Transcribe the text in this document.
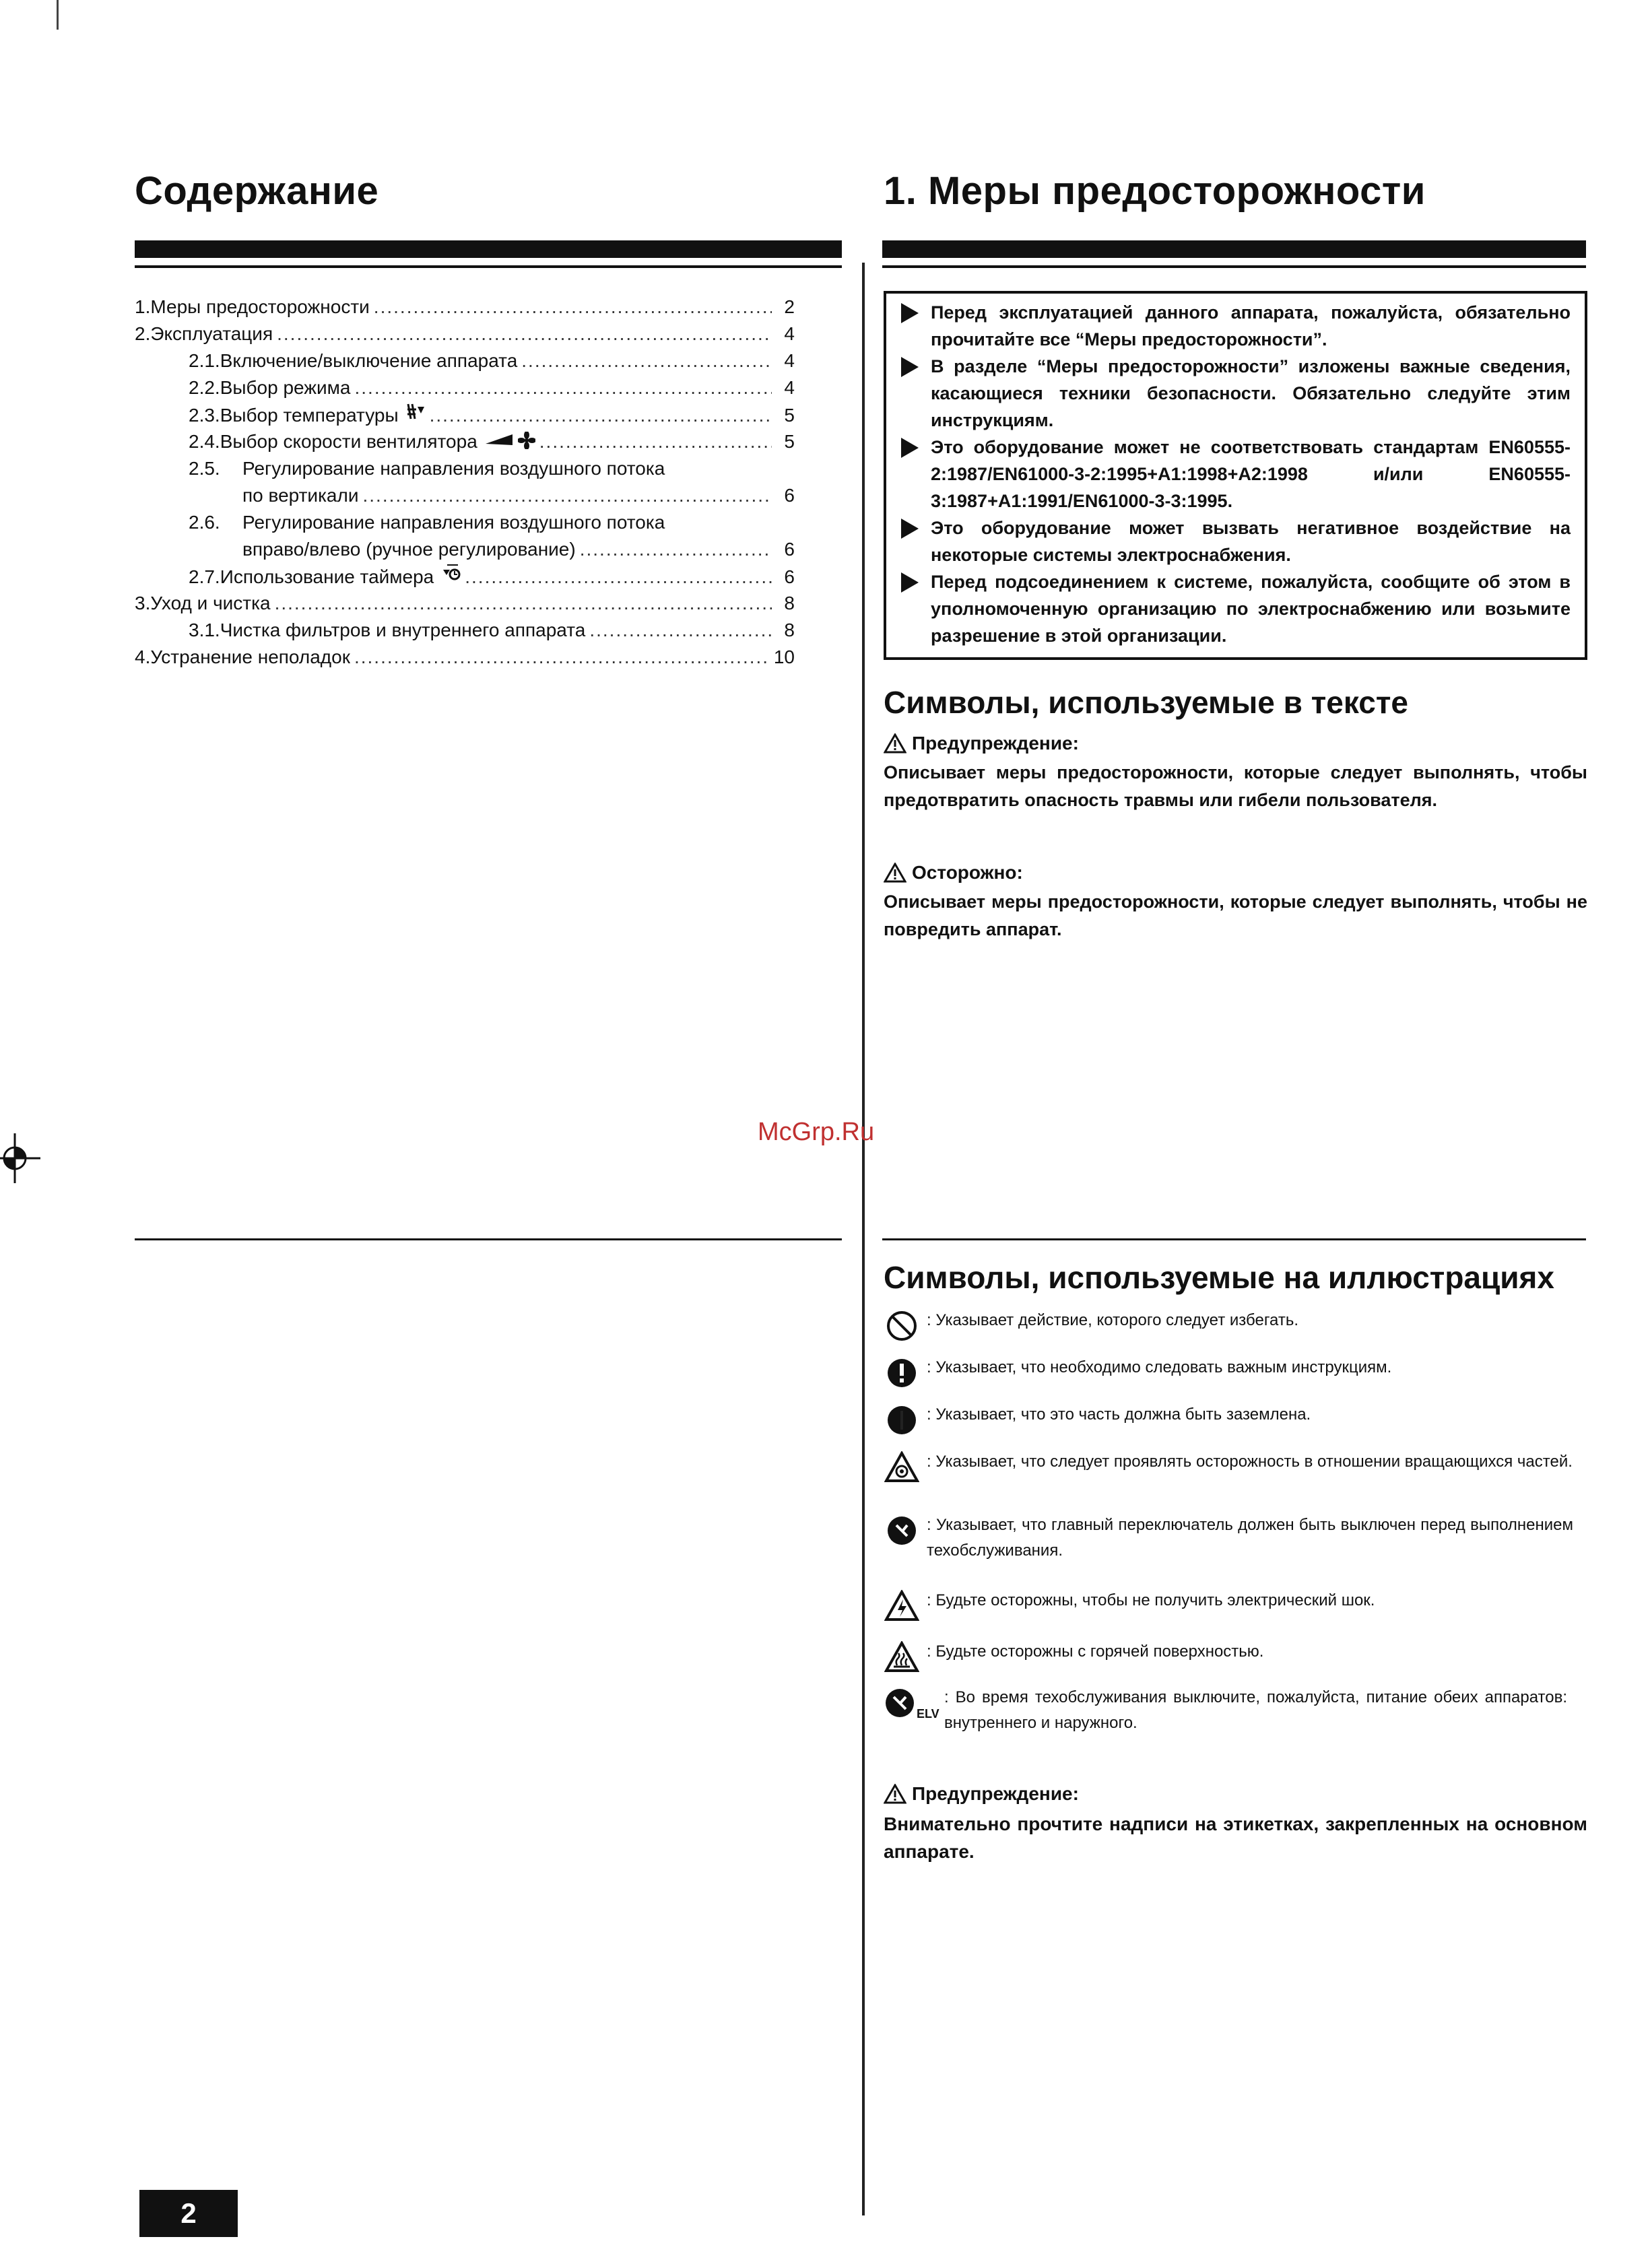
Содержание
1. Меры предосторожности .....	2
2. Эксплуатация .....	4
2.1. Включение/выключение аппарата .....	4
2.2. Выбор режима .....	4
2.3. Выбор температуры .....	5
2.4. Выбор скорости вентилятора .....	5
2.5. Регулирование направления воздушного потока
по вертикали .....	6
2.6. Регулирование направления воздушного потока
вправо/влево (ручное регулирование) .....	6
2.7. Использование таймера .....	6
3. Уход и чистка .....	8
3.1. Чистка фильтров и внутреннего аппарата .....	8
4. Устранение неполадок .....	10
1. Меры предосторожности
Перед эксплуатацией данного аппарата, пожалуйста, обязательно прочитайте все “Меры предосторожности”.
В разделе “Меры предосторожности” изложены важные сведения, касающиеся техники безопасности. Обязательно следуйте этим инструкциям.
Это оборудование может не соответствовать стандартам EN60555-2:1987/EN61000-3-2:1995+A1:1998+A2:1998 и/или EN60555-3:1987+A1:1991/EN61000-3-3:1995.
Это оборудование может вызвать негативное воздействие на некоторые системы электроснабжения.
Перед подсоединением к системе, пожалуйста, сообщите об этом в уполномоченную организацию по электроснабжению или возьмите разрешение в этой организации.
Символы, используемые в тексте
Предупреждение:
Описывает меры предосторожности, которые следует выполнять, чтобы предотвратить опасность травмы или гибели пользователя.
Осторожно:
Описывает меры предосторожности, которые следует выполнять, чтобы не повредить аппарат.
McGrp.Ru
Символы, используемые на иллюстрациях
: Указывает действие, которого следует избегать.
: Указывает, что необходимо следовать важным инструкциям.
: Указывает, что это часть должна быть заземлена.
: Указывает, что следует проявлять осторожность в отношении вращающихся частей.
: Указывает, что главный переключатель должен быть выключен перед выполнением техобслуживания.
: Будьте осторожны, чтобы не получить электрический шок.
: Будьте осторожны с горячей поверхностью.
ELV
: Во время техобслуживания выключите, пожалуйста, питание обеих аппаратов: внутреннего и наружного.
Предупреждение:
Внимательно прочтите надписи на этикетках, закрепленных на основном аппарате.
2
